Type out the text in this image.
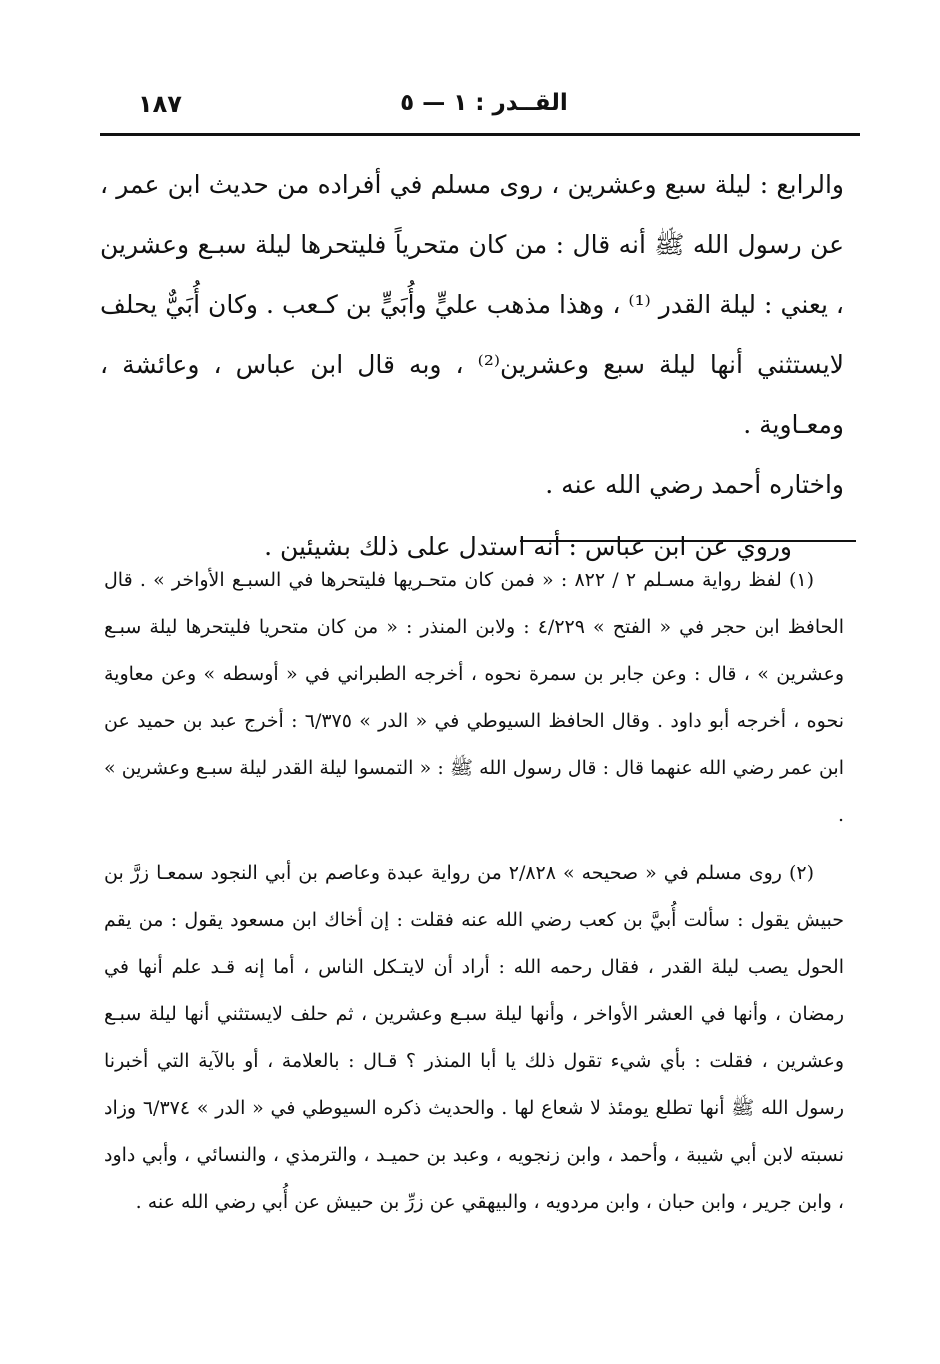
١٨٧	القــدر : ١ — ٥

والرابع : ليلة سبع وعشرين ، روى مسلم في أفراده من حديث ابن عمر ، عن رسول الله ﷺ أنه قال : من كان متحرياً فليتحرها ليلة سبـع وعشرين ، يعني : ليلة القدر ⁽¹⁾ ، وهذا مذهب عليٍّ وأُبَيٍّ بن كـعب . وكان أُبَيٌّ يحلف لايستثني أنها ليلة سبع وعشرين⁽²⁾ ، وبه قال ابن عباس ، وعائشة ، ومعـاوية .

واختاره أحمد رضي الله عنه .

وروي عن ابن عباس : أنه استدل على ذلك بشيئين .

(١) لفظ رواية مسـلم ٢ / ٨٢٢ : « فمن كان متحـريها فليتحرها في السبـع الأواخر » . قال الحافظ ابن حجر في « الفتح » ٤/٢٢٩ : ولابن المنذر : « من كان متحريا فليتحرها ليلة سبـع وعشرين » ، قال : وعن جابر بن سمرة نحوه ، أخرجه الطبراني في « أوسطه » وعن معاوية نحوه ، أخرجه أبو داود . وقال الحافظ السيوطي في « الدر » ٦/٣٧٥ : أخرج عبد بن حميد عن ابن عمر رضي الله عنهما قال : قال رسول الله ﷺ : « التمسوا ليلة القدر ليلة سبـع وعشرين » .

(٢) روى مسلم في « صحيحه » ٢/٨٢٨ من رواية عبدة وعاصم بن أبي النجود سمعـا زرَّ بن حبيش يقول : سألت أُبيَّ بن كعب رضي الله عنه فقلت : إن أخاك ابن مسعود يقول : من يقم الحول يصب ليلة القدر ، فقال رحمه الله : أراد أن لايتـكل الناس ، أما إنه قـد علم أنها في رمضان ، وأنها في العشر الأواخر ، وأنها ليلة سبـع وعشرين ، ثم حلف لايستثني أنها ليلة سبـع وعشرين ، فقلت : بأي شيء تقول ذلك يا أبا المنذر ؟ قـال : بالعلامة ، أو بالآية التي أخبرنا رسول الله ﷺ أنها تطلع يومئذ لا شعاع لها . والحديث ذكره السيوطي في « الدر » ٦/٣٧٤ وزاد نسبته لابن أبي شيبة ، وأحمد ، وابن زنجويه ، وعبد بن حميـد ، والترمذي ، والنسائي ، وأبي داود ، وابن جرير ، وابن حبان ، وابن مردويه ، والبيهقي عن زرِّ بن حبيش عن أُبي رضي الله عنه .
